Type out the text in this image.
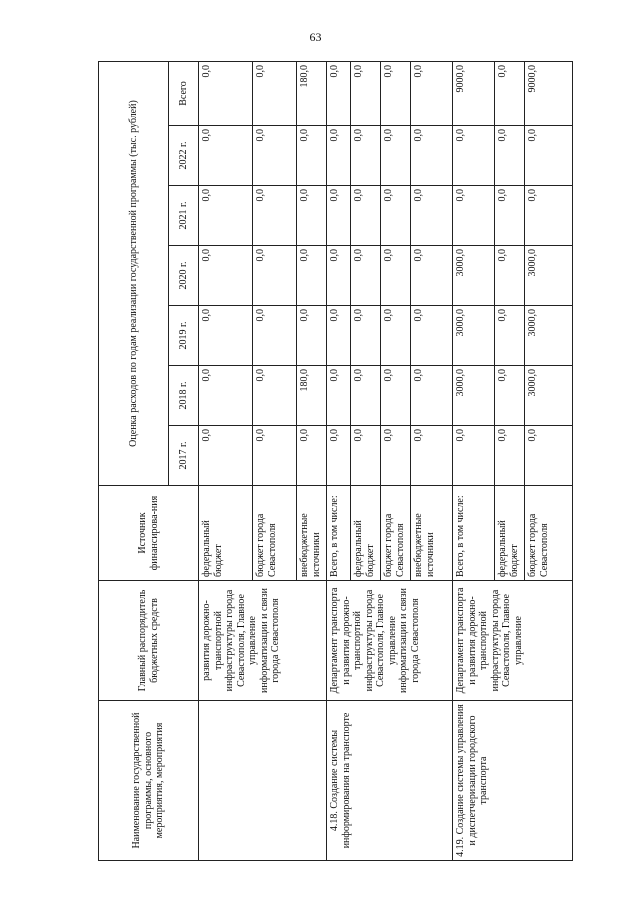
63
Наименование государственной программы, основного мероприятия, мероприятия	Главный распорядитель бюджетных средств	Источник финансирова-ния	Оценка расходов по годам реализации государственной программы (тыс. рублей)						
			2017 г.	2018 г.	2019 г.	2020 г.	2021 г.	2022 г.	Всего
	развития дорожно-транспортной инфраструктуры города Севастополя, Главное управление информатизации и связи города Севастополя	федеральный бюджет	0,0	0,0	0,0	0,0	0,0	0,0	0,0
		бюджет города Севастополя	0,0	0,0	0,0	0,0	0,0	0,0	0,0
		внебюджетные источники	0,0	180,0	0,0	0,0	0,0	0,0	180,0
4.18. Создание системы информирования на транспорте	Департамент транспорта и развития дорожно-транспортной инфраструктуры города Севастополя, Главное управление информатизации и связи города Севастополя	Всего, в том числе:	0,0	0,0	0,0	0,0	0,0	0,0	0,0
		федеральный бюджет	0,0	0,0	0,0	0,0	0,0	0,0	0,0
		бюджет города Севастополя	0,0	0,0	0,0	0,0	0,0	0,0	0,0
		внебюджетные источники	0,0	0,0	0,0	0,0	0,0	0,0	0,0
4.19. Создание системы управления и диспетчеризации городского транспорта	Департамент транспорта и развития дорожно-транспортной инфраструктуры города Севастополя, Главное управление	Всего, в том числе:	0,0	3000,0	3000,0	3000,0	0,0	0,0	9000,0
		федеральный бюджет	0,0	0,0	0,0	0,0	0,0	0,0	0,0
		бюджет города Севастополя	0,0	3000,0	3000,0	3000,0	0,0	0,0	9000,0
